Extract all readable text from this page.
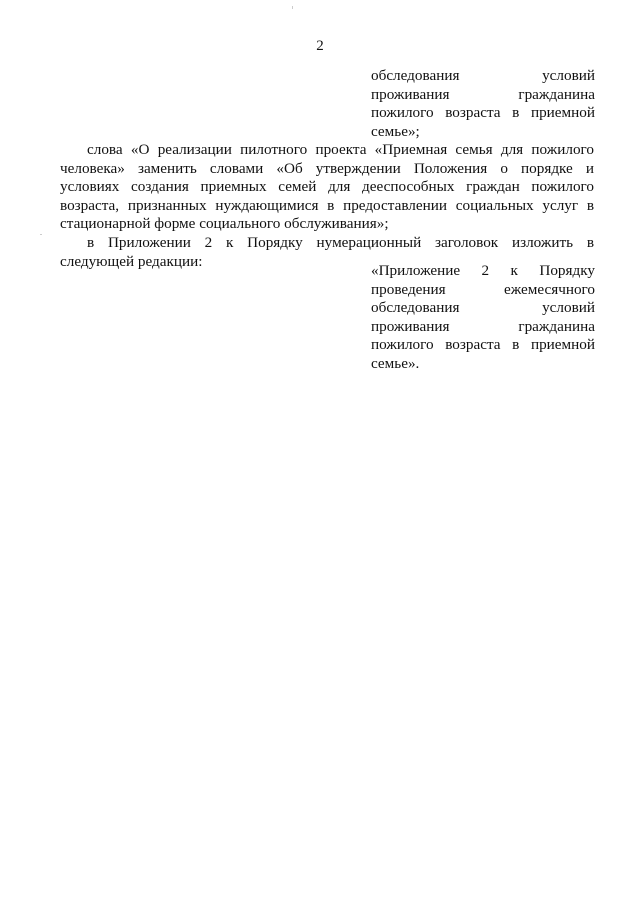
2
обследования условий
проживания гражданина
пожилого возраста в приемной
семье»;
слова «О реализации пилотного проекта «Приемная семья для пожилого
человека» заменить словами «Об утверждении Положения о порядке и
условиях создания приемных семей для дееспособных граждан пожилого
возраста, признанных нуждающимися в предоставлении социальных услуг в
стационарной форме социального обслуживания»;
в Приложении 2 к Порядку нумерационный заголовок изложить в
следующей редакции:
«Приложение 2 к Порядку
проведения ежемесячного
обследования условий
проживания гражданина
пожилого возраста в приемной
семье».
